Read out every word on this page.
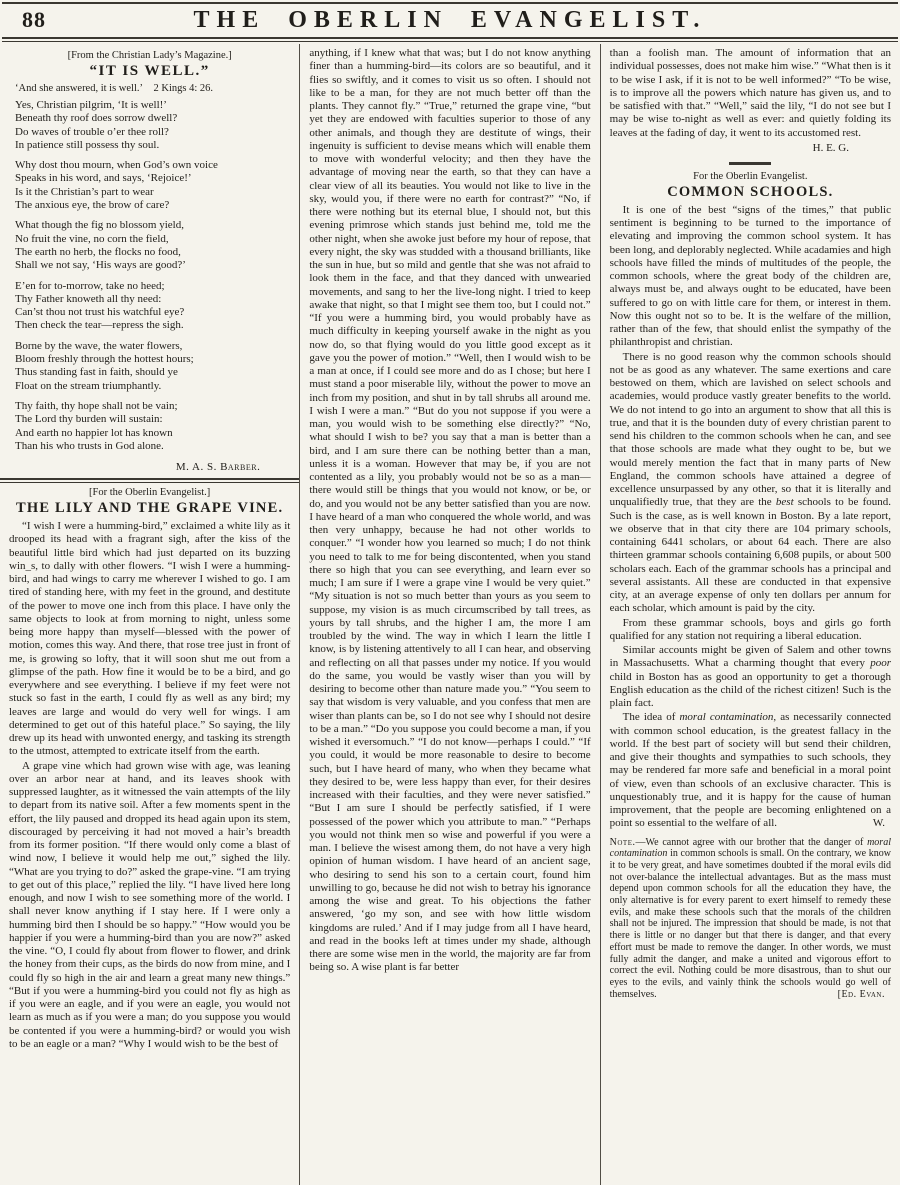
88	THE OBERLIN EVANGELIST.
[From the Christian Lady’s Magazine.]
“IT IS WELL.”
‘And she answered, it is well.’  2 Kings 4: 26.
Yes, Christian pilgrim, ‘It is well!’
Beneath thy roof does sorrow dwell?
Do waves of trouble o’er thee roll?
In patience still possess thy soul.
Why dost thou mourn, when God’s own voice
Speaks in his word, and says, ‘Rejoice!’
Is it the Christian’s part to wear
The anxious eye, the brow of care?
What though the fig no blossom yield,
No fruit the vine, no corn the field,
The earth no herb, the flocks no food,
Shall we not say, ‘His ways are good?’
E’en for to-morrow, take no heed;
Thy Father knoweth all thy need:
Can’st thou not trust his watchful eye?
Then check the tear—repress the sigh.
Borne by the wave, the water flowers,
Bloom freshly through the hottest hours;
Thus standing fast in faith, should ye
Float on the stream triumphantly.
Thy faith, thy hope shall not be vain;
The Lord thy burden will sustain:
And earth no happier lot has known
Than his who trusts in God alone.
M. A. S. Barber.
[For the Oberlin Evangelist.]
THE LILY AND THE GRAPE VINE.

“I wish I were a humming-bird,” exclaimed a white lily as it drooped its head with a fragrant sigh, after the kiss of the beautiful little bird which had just departed on its buzzing win_s, to dally with other flowers. “I wish I were a humming-bird, and had wings to carry me wherever I wished to go. I am tired of standing here, with my feet in the ground, and destitute of the power to move one inch from this place. I have only the same objects to look at from morning to night, unless some being more happy than myself—blessed with the power of motion, comes this way. And there, that rose tree just in front of me, is growing so lofty, that it will soon shut me out from a glimpse of the path. How fine it would be to be a bird, and go everywhere and see everything. I believe if my feet were not stuck so fast in the earth, I could fly as well as any bird; my leaves are large and would do very well for wings. I am determined to get out of this hateful place.” So saying, the lily drew up its head with unwonted energy, and tasking its strength to the utmost, attempted to extricate itself from the earth.

A grape vine which had grown wise with age, was leaning over an arbor near at hand, and its leaves shook with suppressed laughter, as it witnessed the vain attempts of the lily to depart from its native soil. After a few moments spent in the effort, the lily paused and dropped its head again upon its stem, discouraged by perceiving it had not moved a hair’s breadth from its former position. “If there would only come a blast of wind now, I believe it would help me out,” sighed the lily. “What are you trying to do?” asked the grape-vine. “I am trying to get out of this place,” replied the lily. “I have lived here long enough, and now I wish to see something more of the world. I shall never know anything if I stay here. If I were only a humming bird then I should be so happy.” “How would you be happier if you were a humming-bird than you are now?” asked the vine. “O, I could fly about from flower to flower, and drink the honey from their cups, as the birds do now from mine, and I could fly so high in the air and learn a great many new things.” “But if you were a humming-bird you could not fly as high as if you were an eagle, and if you were an eagle, you would not learn as much as if you were a man; do you suppose you would be contented if you were a humming-bird? or would you wish to be an eagle or a man? “Why I would wish to be the best of

anything, if I knew what that was; but I do not know anything finer than a humming-bird—its colors are so beautiful, and it flies so swiftly, and it comes to visit us so often. I should not like to be a man, for they are not much better off than the plants. They cannot fly.” “True,” returned the grape vine, “but yet they are endowed with faculties superior to those of any other animals, and though they are destitute of wings, their ingenuity is sufficient to devise means which will enable them to move with wonderful velocity; and then they have the advantage of moving near the earth, so that they can have a clear view of all its beauties. You would not like to live in the sky, would you, if there were no earth for contrast?” “No, if there were nothing but its eternal blue, I should not, but this evening primrose which stands just behind me, told me the other night, when she awoke just before my hour of repose, that every night, the sky was studded with a thousand brilliants, like the sun in hue, but so mild and gentle that she was not afraid to look them in the face, and that they danced with unwearied movements, and sang to her the live-long night. I tried to keep awake that night, so that I might see them too, but I could not.” “If you were a humming bird, you would probably have as much difficulty in keeping yourself awake in the night as you now do, so that flying would do you little good except as it gave you the power of motion.” “Well, then I would wish to be a man at once, if I could see more and do as I chose; but here I must stand a poor miserable lily, without the power to move an inch from my position, and shut in by tall shrubs all around me. I wish I were a man.” “But do you not suppose if you were a man, you would wish to be something else directly?” “No, what should I wish to be? you say that a man is better than a bird, and I am sure there can be nothing better than a man, unless it is a woman. However that may be, if you are not contented as a lily, you probably would not be so as a man—there would still be things that you would not know, or be, or do, and you would not be any better satisfied than you are now. I have heard of a man who conquered the whole world, and was then very unhappy, because he had not other worlds to conquer.” “I wonder how you learned so much; I do not think you need to talk to me for being discontented, when you stand there so high that you can see everything, and learn ever so much; I am sure if I were a grape vine I would be very quiet.” “My situation is not so much better than yours as you seem to suppose, my vision is as much circumscribed by tall trees, as yours by tall shrubs, and the higher I am, the more I am troubled by the wind. The way in which I learn the little I know, is by listening attentively to all I can hear, and observing and reflecting on all that passes under my notice. If you would do the same, you would be vastly wiser than you will by desiring to become other than nature made you.” “You seem to say that wisdom is very valuable, and you confess that men are wiser than plants can be, so I do not see why I should not desire to be a man.” “Do you suppose you could become a man, if you wished it eversomuch.” “I do not know—perhaps I could.” “If you could, it would be more reasonable to desire to become such, but I have heard of many, who when they became what they desired to be, were less happy than ever, for their desires increased with their faculties, and they were never satisfied.” “But I am sure I should be perfectly satisfied, if I were possessed of the power which you attribute to man.” “Perhaps you would not think men so wise and powerful if you were a man. I believe the wisest among them, do not have a very high opinion of human wisdom. I have heard of an ancient sage, who desiring to send his son to a certain court, found him unwilling to go, because he did not wish to betray his ignorance among the wise and great. To his objections the father answered, ‘go my son, and see with how little wisdom kingdoms are ruled.’ And if I may judge from all I have heard, and read in the books left at times under my shade, although there are some wise men in the world, the majority are far from being so. A wise plant is far better

than a foolish man. The amount of information that an individual possesses, does not make him wise.” “What then is it to be wise I ask, if it is not to be well informed?” “To be wise, is to improve all the powers which nature has given us, and to be satisfied with that.” “Well,” said the lily, “I do not see but I may be wise to-night as well as ever: and quietly folding its leaves at the fading of day, it went to its accustomed rest.

H. E. G.
For the Oberlin Evangelist.
COMMON SCHOOLS.

It is one of the best “signs of the times,” that public sentiment is beginning to be turned to the importance of elevating and improving the common school system. It has been long, and deplorably neglected. While acadamies and high schools have filled the minds of multitudes of the people, the common schools, where the great body of the children are, always must be, and always ought to be educated, have been suffered to go on with little care for them, or interest in them. Now this ought not so to be. It is the welfare of the million, rather than of the few, that should enlist the sympathy of the philanthropist and christian.

There is no good reason why the common schools should not be as good as any whatever. The same exertions and care bestowed on them, which are lavished on select schools and academies, would produce vastly greater benefits to the world. We do not intend to go into an argument to show that all this is true, and that it is the bounden duty of every christian parent to send his children to the common schools when he can, and see that those schools are made what they ought to be, but we would merely mention the fact that in many parts of New England, the common schools have attained a degree of excellence unsurpassed by any other, so that it is literally and unqualifiedly true, that they are the best schools to be found. Such is the case, as is well known in Boston. By a late report, we observe that in that city there are 104 primary schools, containing 6441 scholars, or about 64 each. There are also thirteen grammar schools containing 6,608 pupils, or about 500 scholars each. Each of the grammar schools has a principal and several assistants. All these are conducted in that expensive city, at an average expense of only ten dollars per annum for each scholar, which amount is paid by the city.

From these grammar schools, boys and girls go forth qualified for any station not requiring a liberal education.

Similar accounts might be given of Salem and other towns in Massachusetts. What a charming thought that every poor child in Boston has as good an opportunity to get a thorough English education as the child of the richest citizen! Such is the plain fact.

The idea of moral contamination, as necessarily connected with common school education, is the greatest fallacy in the world. If the best part of society will but send their children, and give their thoughts and sympathies to such schools, they may be rendered far more safe and beneficial in a moral point of view, even than schools of an exclusive character. This is unquestionably true, and it is happy for the cause of human improvement, that the people are becoming enlightened on a point so essential to the welfare of all.	W.

Note.—We cannot agree with our brother that the danger of moral contamination in common schools is small. On the contrary, we know it to be very great, and have sometimes doubted if the moral evils did not over-balance the intellectual advantages. But as the mass must depend upon common schools for all the education they have, the only alternative is for every parent to exert himself to remedy these evils, and make these schools such that the morals of the children shall not be injured. The impression that should be made, is not that there is little or no danger but that there is danger, and that every effort must be made to remove the danger. In other words, we must fully admit the danger, and make a united and vigorous effort to correct the evil. Nothing could be more disastrous, than to shut our eyes to the evils, and vainly think the schools would go well of themselves.	[Ed. Evan.
